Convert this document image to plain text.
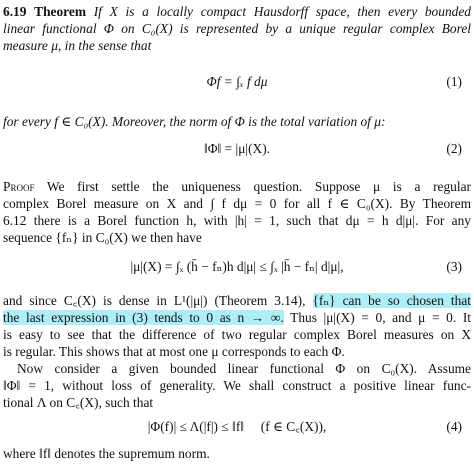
6.19 Theorem If X is a locally compact Hausdorff space, then every bounded
linear functional Φ on C₀(X) is represented by a unique regular complex Borel
measure μ, in the sense that
Φf = ∫ₓ f dμ	(1)
for every f ∈ C₀(X). Moreover, the norm of Φ is the total variation of μ:
‖Φ‖ = |μ|(X).	(2)
Proof We first settle the uniqueness question. Suppose μ is a regular
complex Borel measure on X and ∫ f dμ = 0 for all f ∈ C₀(X). By Theorem
6.12 there is a Borel function h, with |h| = 1, such that dμ = h d|μ|. For any
sequence {fₙ} in C₀(X) we then have
|μ|(X) = ∫ₓ (h̄ − fₙ)h d|μ| ≤ ∫ₓ |h̄ − fₙ| d|μ|,	(3)
and since C꜀(X) is dense in L¹(|μ|) (Theorem 3.14), {fₙ} can be so chosen that
the last expression in (3) tends to 0 as n → ∞. Thus |μ|(X) = 0, and μ = 0. It
is easy to see that the difference of two regular complex Borel measures on X
is regular. This shows that at most one μ corresponds to each Φ.
Now consider a given bounded linear functional Φ on C₀(X). Assume
‖Φ‖ = 1, without loss of generality. We shall construct a positive linear func-
tional Λ on C꜀(X), such that
|Φ(f)| ≤ Λ(|f|) ≤ ‖f‖     (f ∈ C꜀(X)),	(4)
where ‖f‖ denotes the supremum norm.
